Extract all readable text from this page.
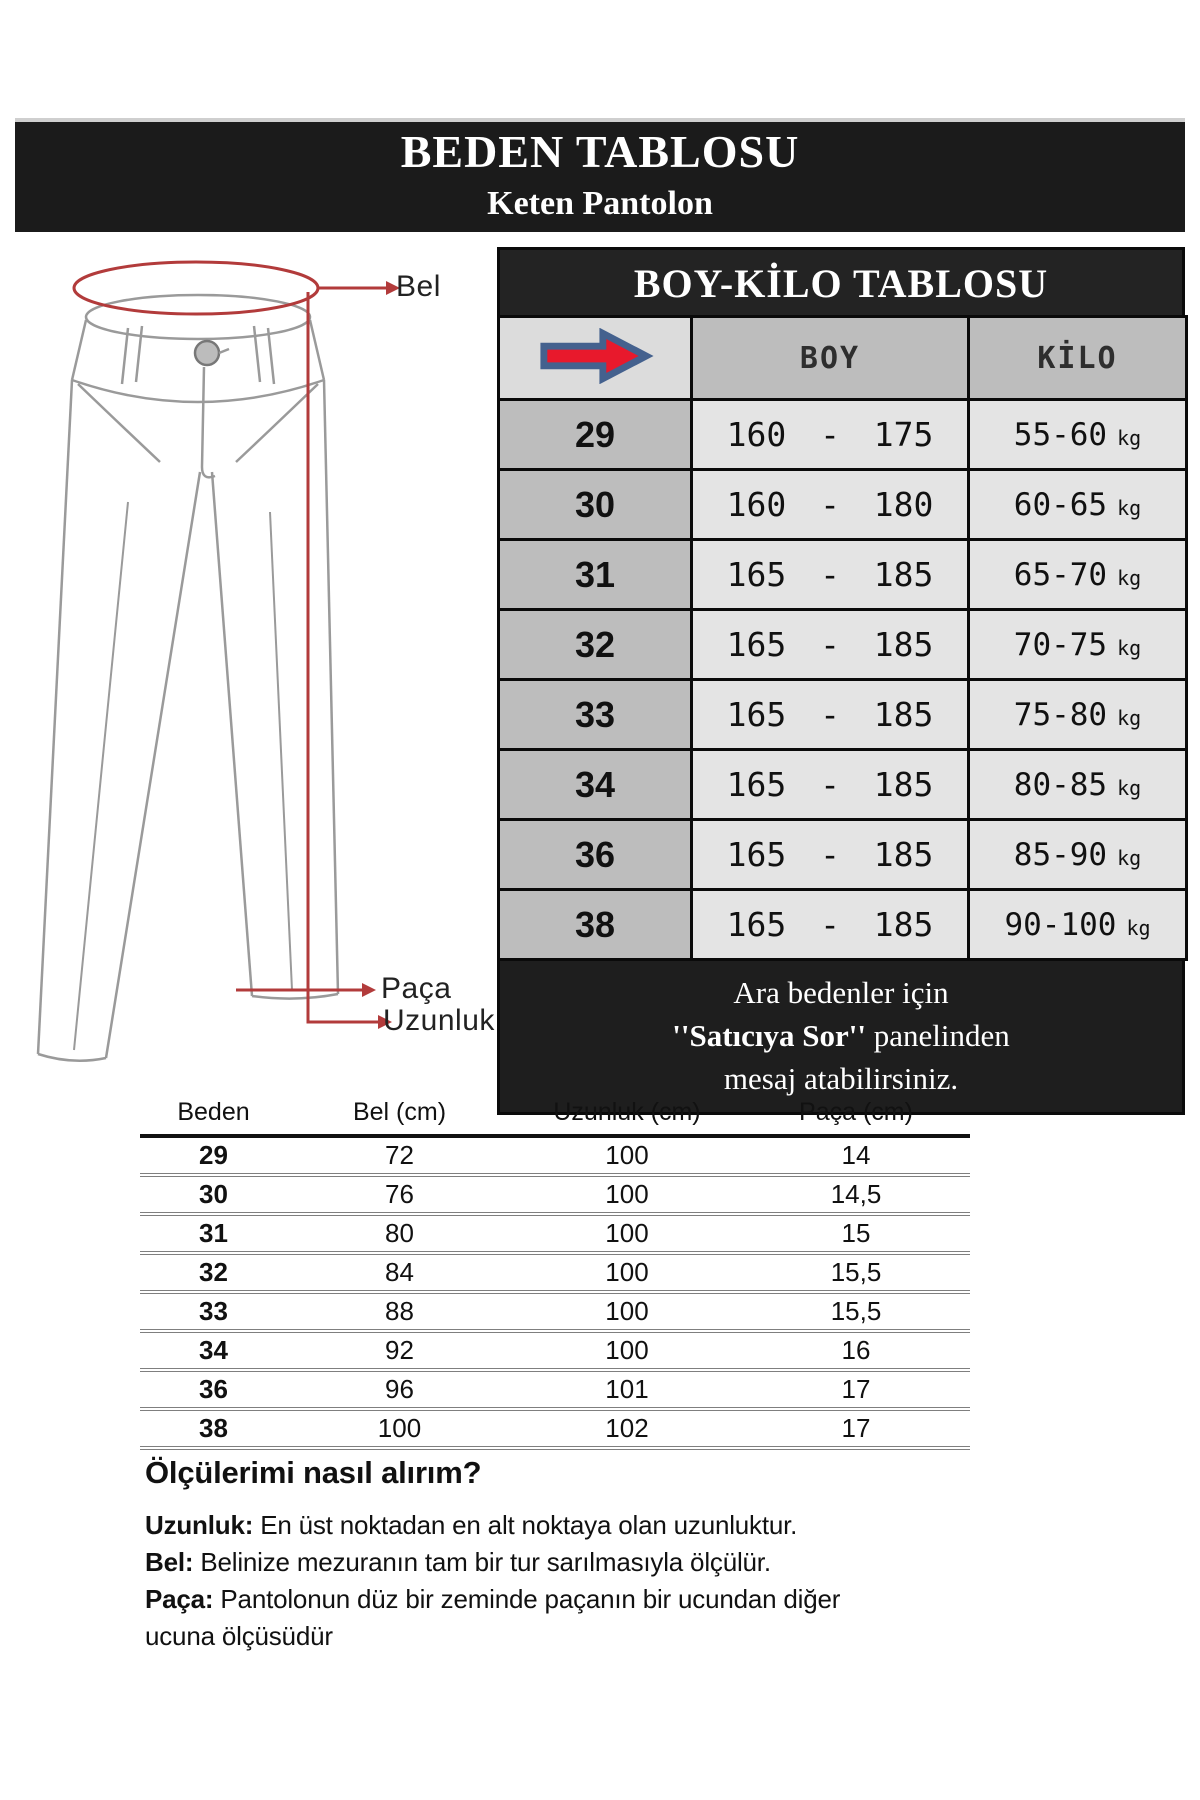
BEDEN TABLOSU
Keten Pantolon
Bel
Paça
Uzunluk
BOY-KİLO TABLOSU
	BOY	KİLO
29	160 - 175	55-60 kg
30	160 - 180	60-65 kg
31	165 - 185	65-70 kg
32	165 - 185	70-75 kg
33	165 - 185	75-80 kg
34	165 - 185	80-85 kg
36	165 - 185	85-90 kg
38	165 - 185	90-100 kg
Ara bedenler için
''Satıcıya Sor'' panelinden
mesaj atabilirsiniz.
Beden	Bel (cm)	Uzunluk (cm)	Paça (cm)
29	72	100	14
30	76	100	14,5
31	80	100	15
32	84	100	15,5
33	88	100	15,5
34	92	100	16
36	96	101	17
38	100	102	17
Ölçülerimi nasıl alırım?

Uzunluk: En üst noktadan en alt noktaya olan uzunluktur.

Bel: Belinize mezuranın tam bir tur sarılmasıyla ölçülür.

Paça: Pantolonun düz bir zeminde paçanın bir ucundan diğer

ucuna ölçüsüdür
